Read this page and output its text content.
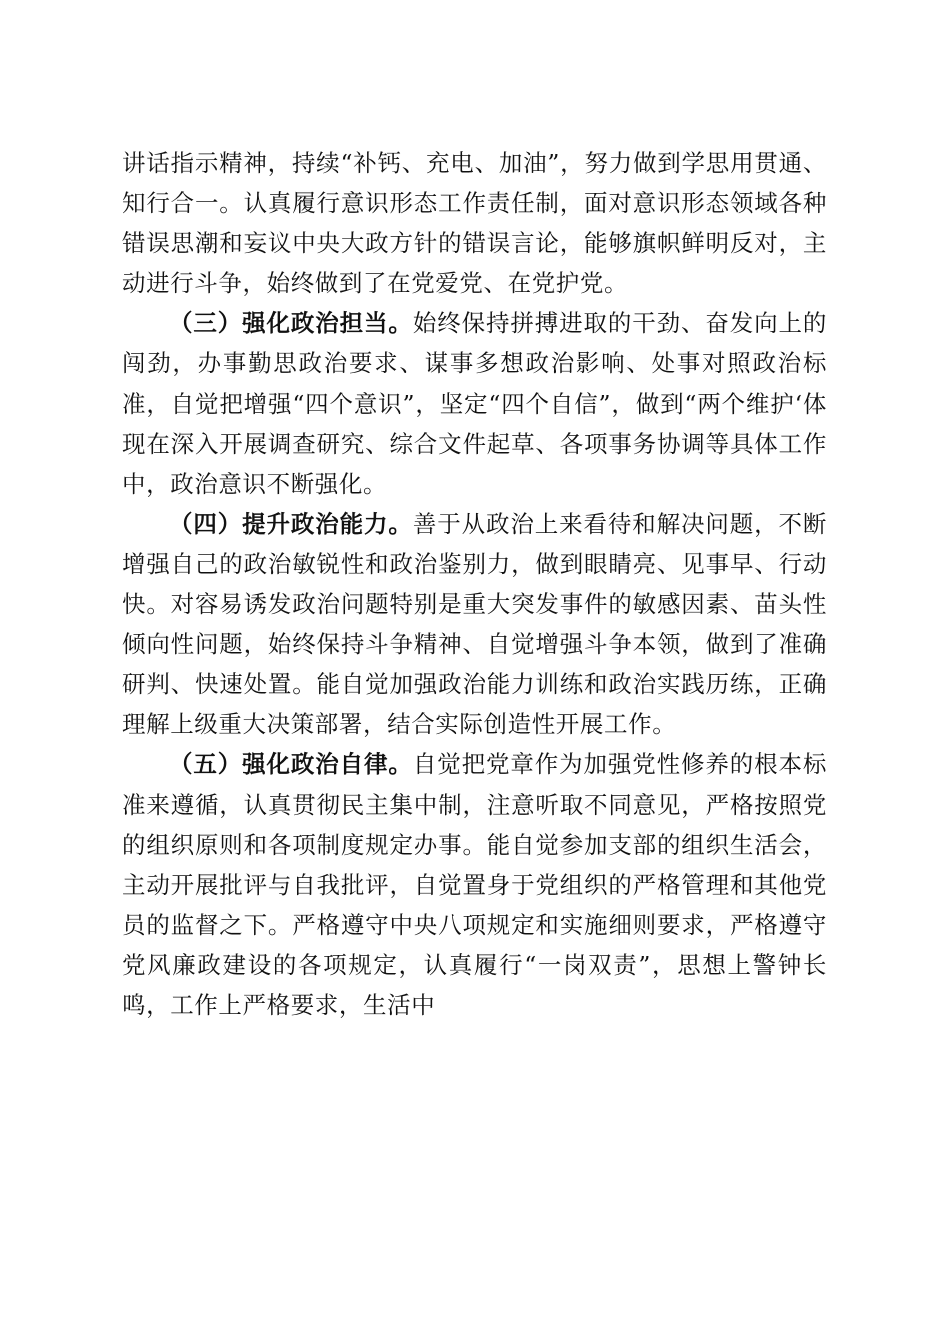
讲话指示精神，持续“补钙、充电、加油”，努力做到学思用贯通、知行合一。认真履行意识形态工作责任制，面对意识形态领域各种错误思潮和妄议中央大政方针的错误言论，能够旗帜鲜明反对，主动进行斗争，始终做到了在党爱党、在党护党。

（三）强化政治担当。始终保持拼搏进取的干劲、奋发向上的闯劲，办事勤思政治要求、谋事多想政治影响、处事对照政治标准，自觉把增强“四个意识”，坚定“四个自信”，做到“两个维护‘体现在深入开展调查研究、综合文件起草、各项事务协调等具体工作中，政治意识不断强化。

（四）提升政治能力。善于从政治上来看待和解决问题，不断增强自己的政治敏锐性和政治鉴别力，做到眼睛亮、见事早、行动快。对容易诱发政治问题特别是重大突发事件的敏感因素、苗头性倾向性问题，始终保持斗争精神、自觉增强斗争本领，做到了准确研判、快速处置。能自觉加强政治能力训练和政治实践历练，正确理解上级重大决策部署，结合实际创造性开展工作。

（五）强化政治自律。自觉把党章作为加强党性修养的根本标准来遵循，认真贯彻民主集中制，注意听取不同意见，严格按照党的组织原则和各项制度规定办事。能自觉参加支部的组织生活会，主动开展批评与自我批评，自觉置身于党组织的严格管理和其他党员的监督之下。严格遵守中央八项规定和实施细则要求，严格遵守党风廉政建设的各项规定，认真履行“一岗双责”，思想上警钟长鸣，工作上严格要求，生活中
